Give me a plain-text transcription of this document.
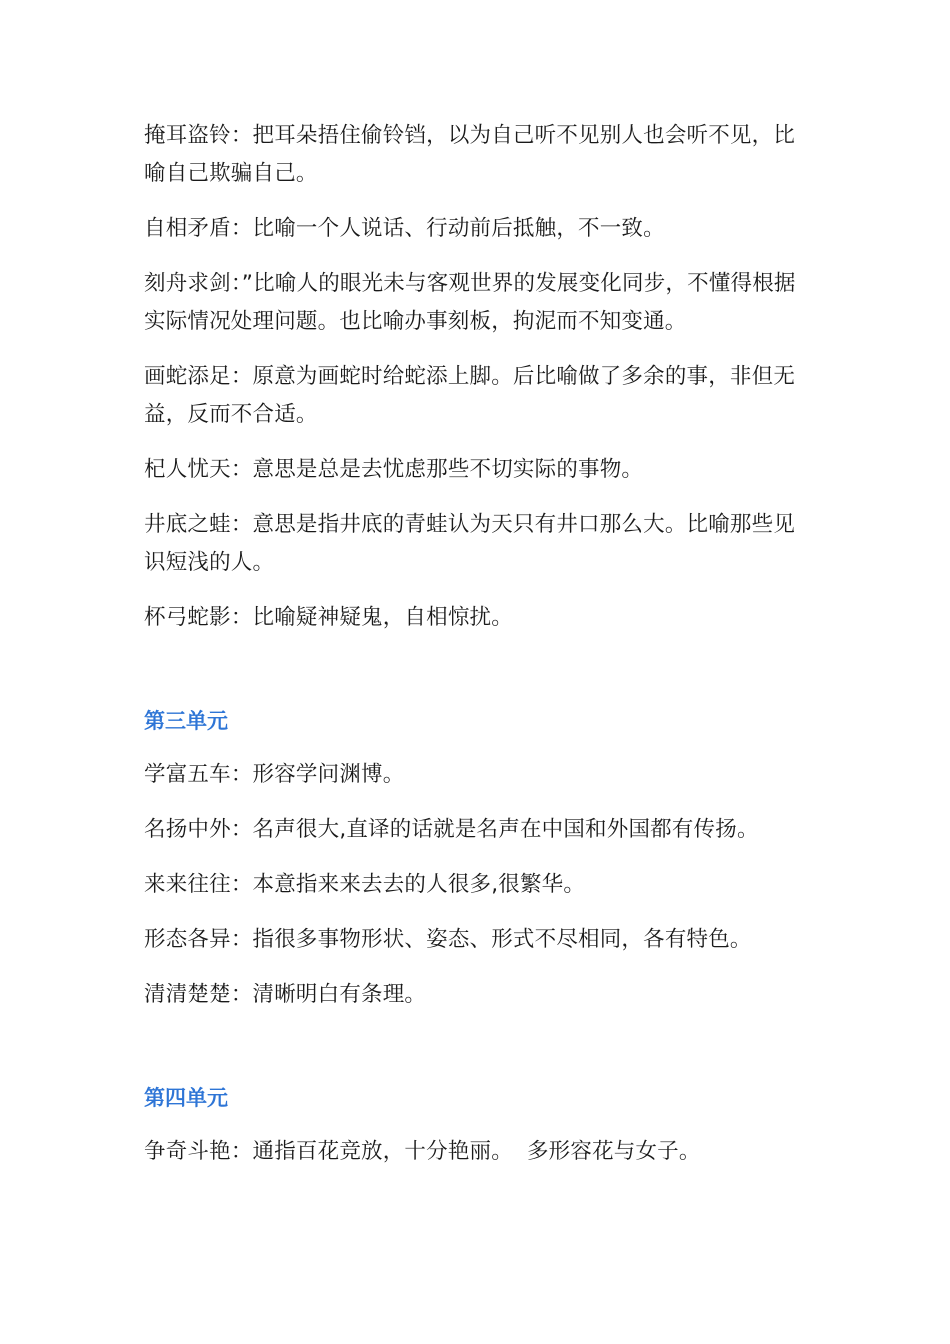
掩耳盗铃：把耳朵捂住偷铃铛，以为自己听不见别人也会听不见，比喻自己欺骗自己。

自相矛盾：比喻一个人说话、行动前后抵触，不一致。

刻舟求剑：”比喻人的眼光未与客观世界的发展变化同步，不懂得根据实际情况处理问题。也比喻办事刻板，拘泥而不知变通。

画蛇添足：原意为画蛇时给蛇添上脚。后比喻做了多余的事，非但无益，反而不合适。

杞人忧天：意思是总是去忧虑那些不切实际的事物。

井底之蛙：意思是指井底的青蛙认为天只有井口那么大。比喻那些见识短浅的人。

杯弓蛇影：比喻疑神疑鬼，自相惊扰。

第三单元

学富五车：形容学问渊博。

名扬中外：名声很大,直译的话就是名声在中国和外国都有传扬。

来来往往：本意指来来去去的人很多,很繁华。

形态各异：指很多事物形状、姿态、形式不尽相同，各有特色。

清清楚楚：清晰明白有条理。

第四单元

争奇斗艳：通指百花竞放，十分艳丽。  多形容花与女子。
